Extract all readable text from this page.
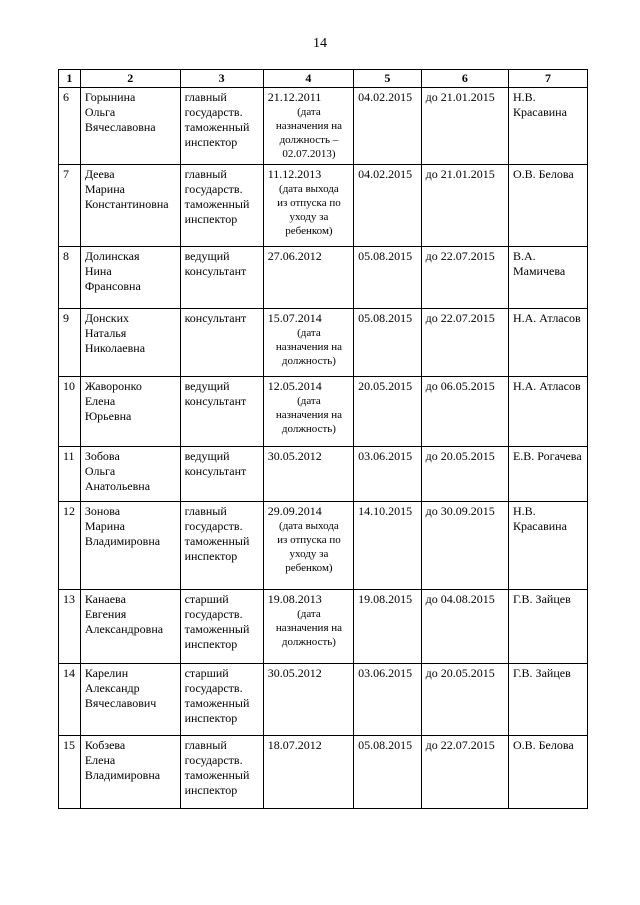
14
1	2	3	4	5	6	7
6	Горынина
Ольга
Вячеславовна	главный
государств.
таможенный
инспектор	21.12.2011
(дата
назначения на
должность –
02.07.2013)	04.02.2015	до 21.01.2015	Н.В.
Красавина

7	Деева
Марина
Константиновна	главный
государств.
таможенный
инспектор	11.12.2013
(дата выхода
из отпуска по
уходу за
ребенком)	04.02.2015	до 21.01.2015	О.В. Белова

8	Долинская
Нина
Франсовна	ведущий
консультант	27.06.2012	05.08.2015	до 22.07.2015	В.А.
Мамичева

9	Донских
Наталья
Николаевна	консультант	15.07.2014
(дата
назначения на
должность)	05.08.2015	до 22.07.2015	Н.А. Атласов

10	Жаворонко
Елена
Юрьевна	ведущий
консультант	12.05.2014
(дата
назначения на
должность)	20.05.2015	до 06.05.2015	Н.А. Атласов

11	Зобова
Ольга
Анатольевна	ведущий
консультант	30.05.2012	03.06.2015	до 20.05.2015	Е.В. Рогачева

12	Зонова
Марина
Владимировна	главный
государств.
таможенный
инспектор	29.09.2014
(дата выхода
из отпуска по
уходу за
ребенком)	14.10.2015	до 30.09.2015	Н.В.
Красавина

13	Канаева
Евгения
Александровна	старший
государств.
таможенный
инспектор	19.08.2013
(дата
назначения на
должность)	19.08.2015	до 04.08.2015	Г.В. Зайцев

14	Карелин
Александр
Вячеславович	старший
государств.
таможенный
инспектор	30.05.2012	03.06.2015	до 20.05.2015	Г.В. Зайцев

15	Кобзева
Елена
Владимировна	главный
государств.
таможенный
инспектор	18.07.2012	05.08.2015	до 22.07.2015	О.В. Белова
